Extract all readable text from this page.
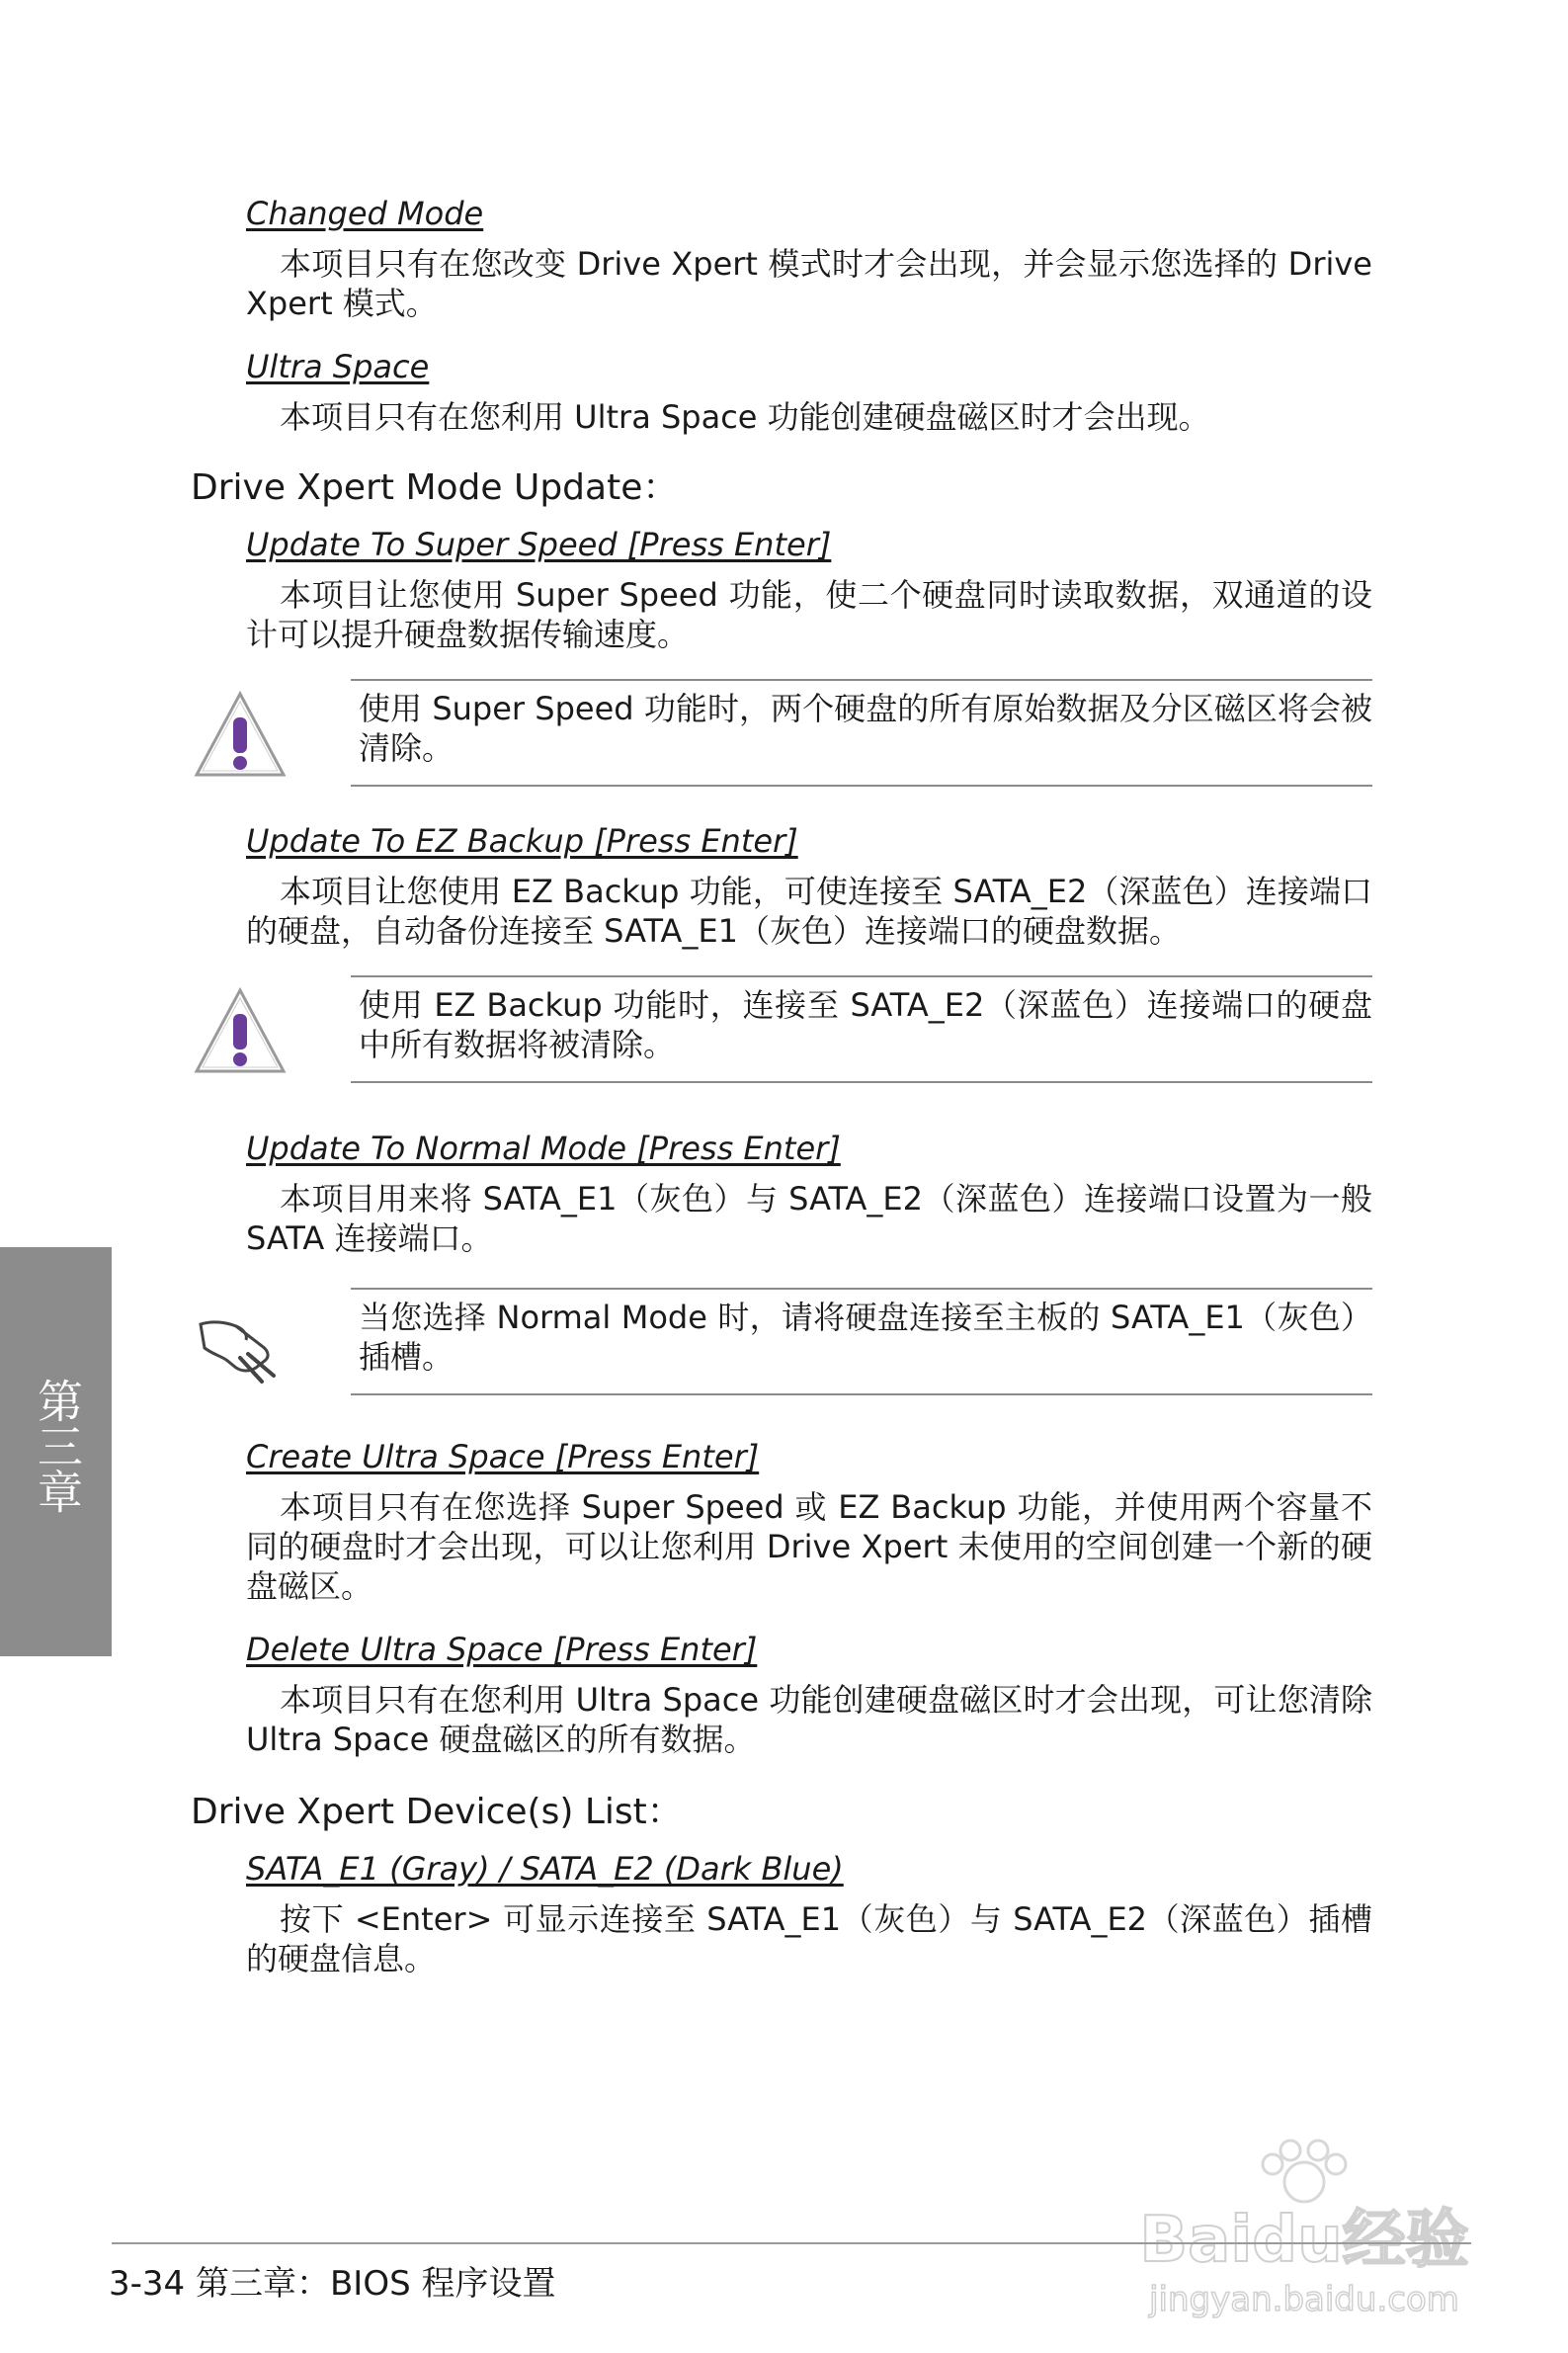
Changed Mode
本项目只有在您改变 Drive Xpert 模式时才会出现，并会显示您选择的 Drive Xpert 模式。
Ultra Space
本项目只有在您利用 Ultra Space 功能创建硬盘磁区时才会出现。
Drive Xpert Mode Update：
Update To Super Speed [Press Enter]
本项目让您使用 Super Speed 功能，使二个硬盘同时读取数据，双通道的设计可以提升硬盘数据传输速度。
使用 Super Speed 功能时，两个硬盘的所有原始数据及分区磁区将会被清除。
Update To EZ Backup [Press Enter]
本项目让您使用 EZ Backup 功能，可使连接至 SATA_E2（深蓝色）连接端口的硬盘，自动备份连接至 SATA_E1（灰色）连接端口的硬盘数据。
使用 EZ Backup 功能时，连接至 SATA_E2（深蓝色）连接端口的硬盘中所有数据将被清除。
Update To Normal Mode [Press Enter]
本项目用来将 SATA_E1（灰色）与 SATA_E2（深蓝色）连接端口设置为一般 SATA 连接端口。
当您选择 Normal Mode 时，请将硬盘连接至主板的 SATA_E1（灰色）插槽。
Create Ultra Space [Press Enter]
本项目只有在您选择 Super Speed 或 EZ Backup 功能，并使用两个容量不同的硬盘时才会出现，可以让您利用 Drive Xpert 未使用的空间创建一个新的硬盘磁区。
Delete Ultra Space [Press Enter]
本项目只有在您利用 Ultra Space 功能创建硬盘磁区时才会出现，可让您清除 Ultra Space 硬盘磁区的所有数据。
Drive Xpert Device(s) List：
SATA_E1 (Gray) / SATA_E2 (Dark Blue)
按下 <Enter> 可显示连接至 SATA_E1（灰色）与 SATA_E2（深蓝色）插槽的硬盘信息。
第三章
Baidu经验
jingyan.baidu.com
3-34 第三章：BIOS 程序设置
